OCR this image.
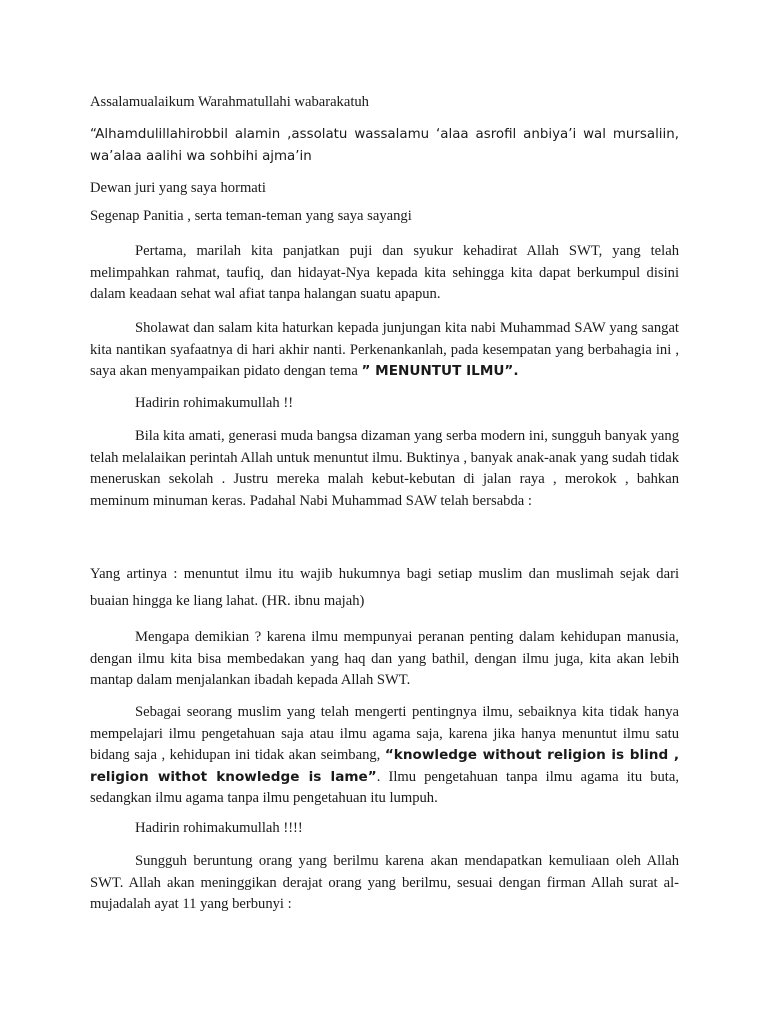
Assalamualaikum Warahmatullahi wabarakatuh

“Alhamdulillahirobbil alamin ,assolatu wassalamu ‘alaa asrofil anbiya’i wal mursaliin, wa’alaa aalihi wa sohbihi ajma’in

Dewan juri yang saya hormati

Segenap Panitia , serta teman-teman yang saya sayangi

Pertama, marilah kita panjatkan puji dan syukur kehadirat Allah SWT, yang telah melimpahkan rahmat, taufiq, dan hidayat-Nya kepada kita sehingga kita dapat berkumpul disini dalam keadaan sehat wal afiat tanpa halangan suatu apapun.

Sholawat dan salam kita haturkan kepada junjungan kita nabi Muhammad SAW yang sangat kita nantikan syafaatnya di hari akhir nanti. Perkenankanlah, pada kesempatan yang berbahagia ini , saya akan menyampaikan pidato dengan tema ” MENUNTUT ILMU”.

Hadirin rohimakumullah !!

Bila kita amati, generasi muda bangsa dizaman yang serba modern ini, sungguh banyak yang telah melalaikan perintah Allah untuk menuntut ilmu. Buktinya , banyak anak-anak yang sudah tidak meneruskan sekolah . Justru mereka malah kebut-kebutan di jalan raya , merokok , bahkan meminum minuman keras. Padahal Nabi Muhammad SAW telah bersabda :

Yang artinya : menuntut ilmu itu wajib hukumnya bagi setiap muslim dan muslimah sejak dari buaian hingga ke liang lahat. (HR. ibnu majah)

Mengapa demikian ? karena ilmu mempunyai peranan penting dalam kehidupan manusia, dengan ilmu kita bisa membedakan yang haq dan yang bathil, dengan ilmu juga, kita akan lebih mantap dalam menjalankan ibadah kepada Allah SWT.

Sebagai seorang muslim yang telah mengerti pentingnya ilmu, sebaiknya kita tidak hanya mempelajari ilmu pengetahuan saja atau ilmu agama saja, karena jika hanya menuntut ilmu satu bidang saja , kehidupan ini tidak akan seimbang, “knowledge without religion is blind , religion withot knowledge is lame”. Ilmu pengetahuan tanpa ilmu agama itu buta, sedangkan ilmu agama tanpa ilmu pengetahuan itu lumpuh.

Hadirin rohimakumullah !!!!

Sungguh beruntung orang yang berilmu karena akan mendapatkan kemuliaan oleh Allah SWT. Allah akan meninggikan derajat orang yang berilmu, sesuai dengan firman Allah surat al-mujadalah ayat 11 yang berbunyi :
